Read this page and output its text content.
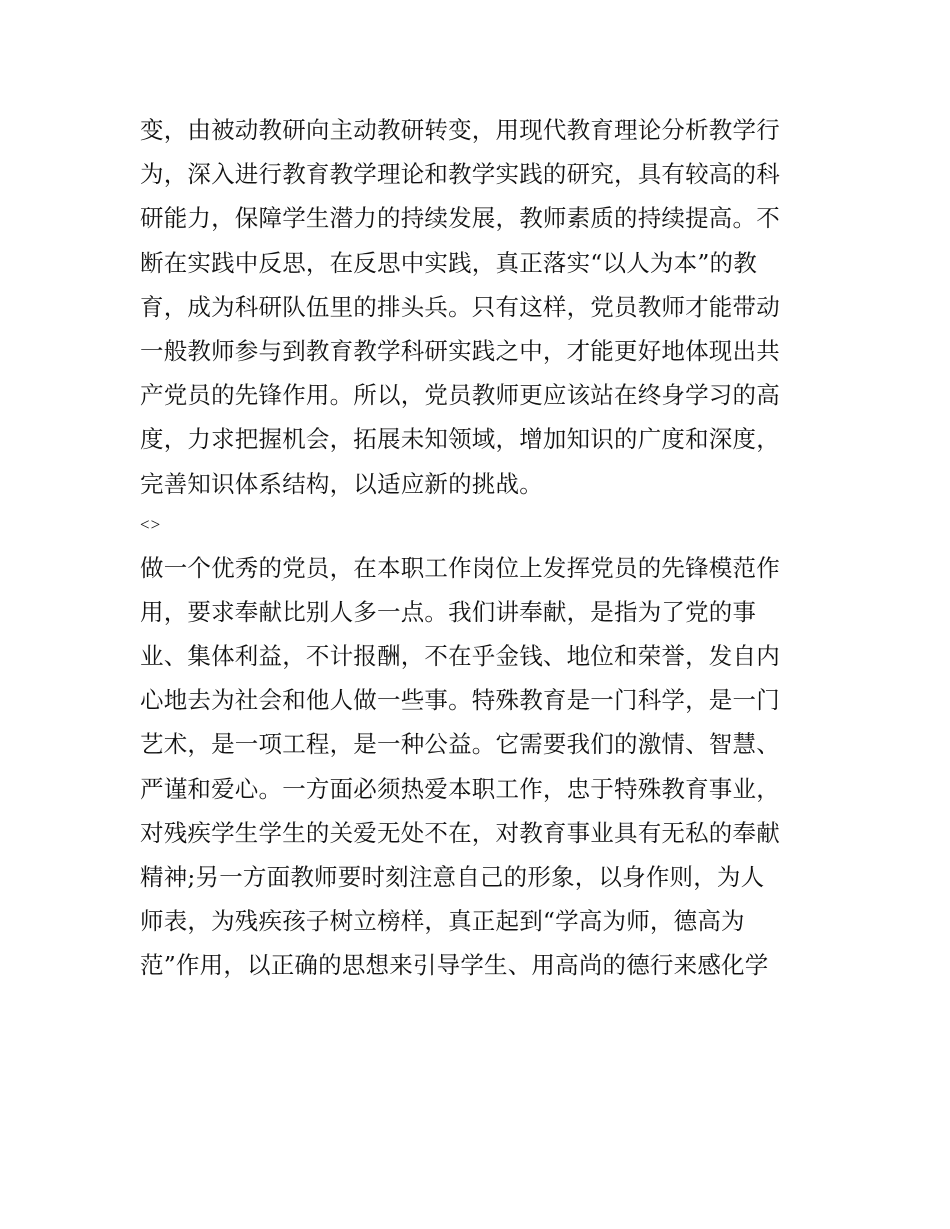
变，由被动教研向主动教研转变，用现代教育理论分析教学行
为，深入进行教育教学理论和教学实践的研究，具有较高的科
研能力，保障学生潜力的持续发展，教师素质的持续提高。不
断在实践中反思，在反思中实践，真正落实“以人为本”的教
育，成为科研队伍里的排头兵。只有这样，党员教师才能带动
一般教师参与到教育教学科研实践之中，才能更好地体现出共
产党员的先锋作用。所以，党员教师更应该站在终身学习的高
度，力求把握机会，拓展未知领域，增加知识的广度和深度，
完善知识体系结构，以适应新的挑战。
<>
做一个优秀的党员，在本职工作岗位上发挥党员的先锋模范作
用，要求奉献比别人多一点。我们讲奉献，是指为了党的事
业、集体利益，不计报酬，不在乎金钱、地位和荣誉，发自内
心地去为社会和他人做一些事。特殊教育是一门科学，是一门
艺术，是一项工程，是一种公益。它需要我们的激情、智慧、
严谨和爱心。一方面必须热爱本职工作，忠于特殊教育事业，
对残疾学生学生的关爱无处不在，对教育事业具有无私的奉献
精神;另一方面教师要时刻注意自己的形象，以身作则，为人
师表，为残疾孩子树立榜样，真正起到“学高为师，德高为
范”作用，以正确的思想来引导学生、用高尚的德行来感化学
